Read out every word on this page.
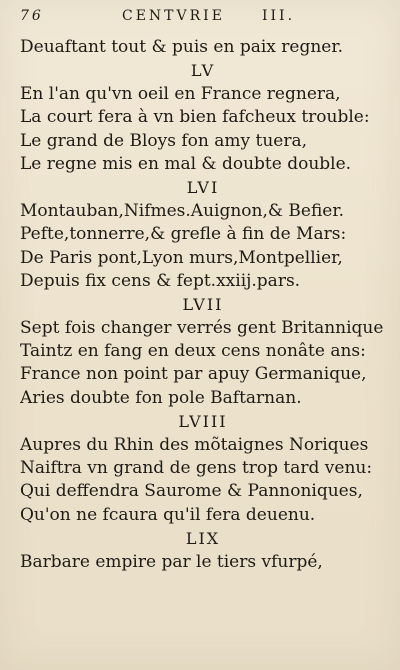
76	CENTVRIE	III.
Deuaftant tout & puis en paix regner.
LV
En l'an qu'vn oeil en France regnera,
La court fera à vn bien fafcheux trouble:
Le grand de Bloys fon amy tuera,
Le regne mis en mal & doubte double.
LVI
Montauban,Nifmes.Auignon,& Befier.
Pefte,tonnerre,& grefle à fin de Mars:
De Paris pont,Lyon murs,Montpellier,
Depuis fix cens & fept.xxiij.pars.
LVII
Sept fois changer verrés gent Britannique
Taintz en fang en deux cens nonâte ans:
France non point par apuy Germanique,
Aries doubte fon pole Baftarnan.
LVIII
Aupres du Rhin des mõtaignes Noriques
Naiftra vn grand de gens trop tard venu:
Qui deffendra Saurome & Pannoniques,
Qu'on ne fcaura qu'il fera deuenu.
LIX
Barbare empire par le tiers vfurpé,
